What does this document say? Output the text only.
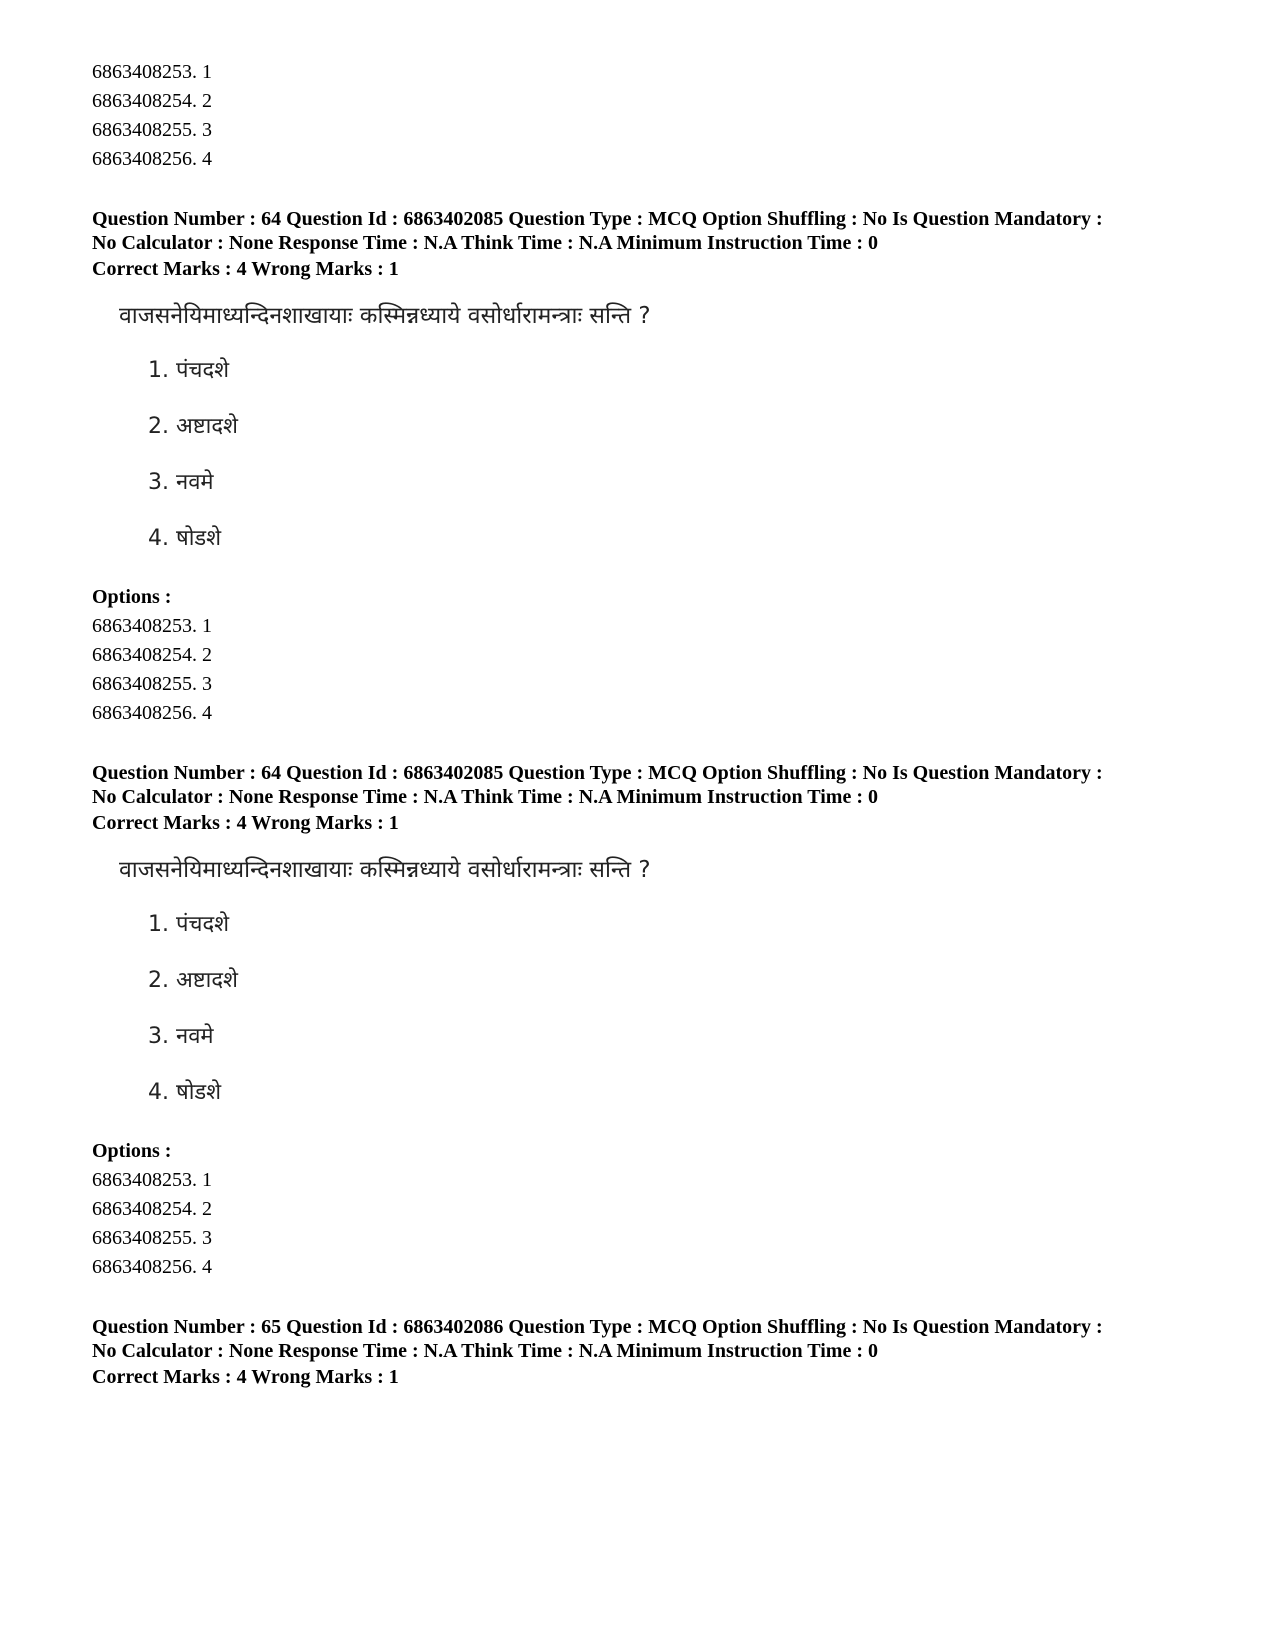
6863408253. 1
6863408254. 2
6863408255. 3
6863408256. 4
Question Number : 64 Question Id : 6863402085 Question Type : MCQ Option Shuffling : No Is Question Mandatory :
No Calculator : None Response Time : N.A Think Time : N.A Minimum Instruction Time : 0
Correct Marks : 4 Wrong Marks : 1
वाजसनेयिमाध्यन्दिनशाखायाः कस्मिन्नध्याये वसोर्धारामन्त्राः सन्ति ?
1. पंचदशे
2. अष्टादशे
3. नवमे
4. षोडशे
Options :
6863408253. 1
6863408254. 2
6863408255. 3
6863408256. 4
Question Number : 64 Question Id : 6863402085 Question Type : MCQ Option Shuffling : No Is Question Mandatory :
No Calculator : None Response Time : N.A Think Time : N.A Minimum Instruction Time : 0
Correct Marks : 4 Wrong Marks : 1
वाजसनेयिमाध्यन्दिनशाखायाः कस्मिन्नध्याये वसोर्धारामन्त्राः सन्ति ?
1. पंचदशे
2. अष्टादशे
3. नवमे
4. षोडशे
Options :
6863408253. 1
6863408254. 2
6863408255. 3
6863408256. 4
Question Number : 65 Question Id : 6863402086 Question Type : MCQ Option Shuffling : No Is Question Mandatory :
No Calculator : None Response Time : N.A Think Time : N.A Minimum Instruction Time : 0
Correct Marks : 4 Wrong Marks : 1
